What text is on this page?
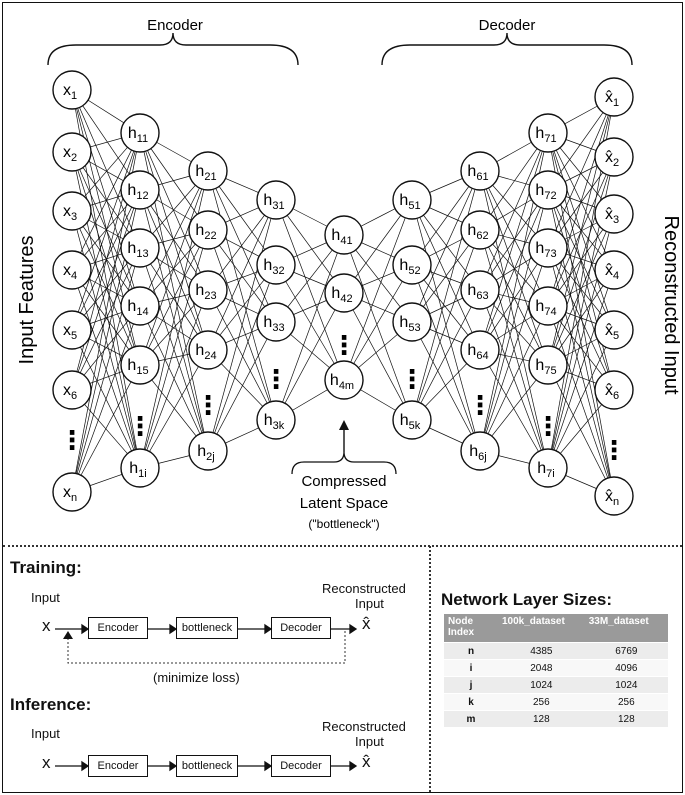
Encoder	Decoder
Input Features	Reconstructed Input
$x_1$
$x_2$
$x_3$
$x_4$
$x_5$
$x_6$
⋮
$x_n$
$h_{11}$
$h_{12}$
$h_{13}$
$h_{14}$
$h_{15}$
⋮
$h_{1i}$
$h_{21}$
$h_{22}$
$h_{23}$
$h_{24}$
⋮
$h_{2j}$
$h_{31}$
$h_{32}$
$h_{33}$
⋮
$h_{3k}$
$h_{41}$
$h_{42}$
⋮
$h_{4m}$
$h_{51}$
$h_{52}$
$h_{53}$
⋮
$h_{5k}$
$h_{61}$
$h_{62}$
$h_{63}$
$h_{64}$
⋮
$h_{6j}$
$h_{71}$
$h_{72}$
$h_{73}$
$h_{74}$
$h_{75}$
⋮
$h_{7i}$
$x̂_1$
$x̂_2$
$x̂_3$
$x̂_4$
$x̂_5$
$x̂_6$
⋮
$x̂_n$
Compressed
Latent Space
("bottleneck")
Training:
Input
x	Encoder	bottleneck	Decoder
Reconstructed
Input
x̂
(minimize loss)
Inference:
Input
x	Encoder	bottleneck	Decoder
Reconstructed
Input
x̂
Network Layer Sizes:
Node Index	100k_dataset	33M_dataset
n	4385	6769
i	2048	4096
j	1024	1024
k	256	256
m	128	128
